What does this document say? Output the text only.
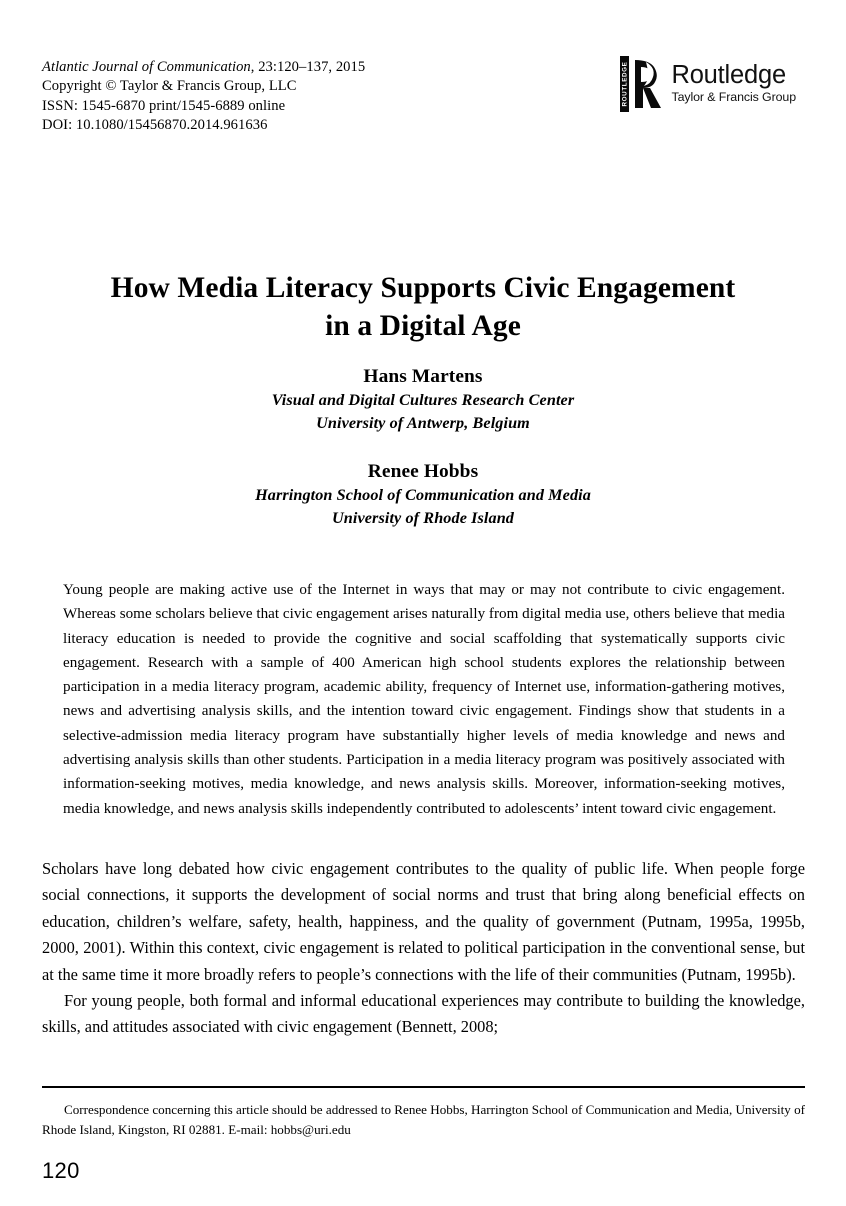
Atlantic Journal of Communication, 23:120–137, 2015
Copyright © Taylor & Francis Group, LLC
ISSN: 1545-6870 print/1545-6889 online
DOI: 10.1080/15456870.2014.961636
ROUTLEDGE Routledge
Taylor & Francis Group
How Media Literacy Supports Civic Engagement in a Digital Age
Hans Martens
Visual and Digital Cultures Research Center
University of Antwerp, Belgium
Renee Hobbs
Harrington School of Communication and Media
University of Rhode Island
Young people are making active use of the Internet in ways that may or may not contribute to civic engagement. Whereas some scholars believe that civic engagement arises naturally from digital media use, others believe that media literacy education is needed to provide the cognitive and social scaffolding that systematically supports civic engagement. Research with a sample of 400 American high school students explores the relationship between participation in a media literacy program, academic ability, frequency of Internet use, information-gathering motives, news and advertising analysis skills, and the intention toward civic engagement. Findings show that students in a selective-admission media literacy program have substantially higher levels of media knowledge and news and advertising analysis skills than other students. Participation in a media literacy program was positively associated with information-seeking motives, media knowledge, and news analysis skills. Moreover, information-seeking motives, media knowledge, and news analysis skills independently contributed to adolescents’ intent toward civic engagement.

Scholars have long debated how civic engagement contributes to the quality of public life. When people forge social connections, it supports the development of social norms and trust that bring along beneficial effects on education, children’s welfare, safety, health, happiness, and the quality of government (Putnam, 1995a, 1995b, 2000, 2001). Within this context, civic engagement is related to political participation in the conventional sense, but at the same time it more broadly refers to people’s connections with the life of their communities (Putnam, 1995b).

For young people, both formal and informal educational experiences may contribute to building the knowledge, skills, and attitudes associated with civic engagement (Bennett, 2008;

Correspondence concerning this article should be addressed to Renee Hobbs, Harrington School of Communication and Media, University of Rhode Island, Kingston, RI 02881. E-mail: hobbs@uri.edu
120
